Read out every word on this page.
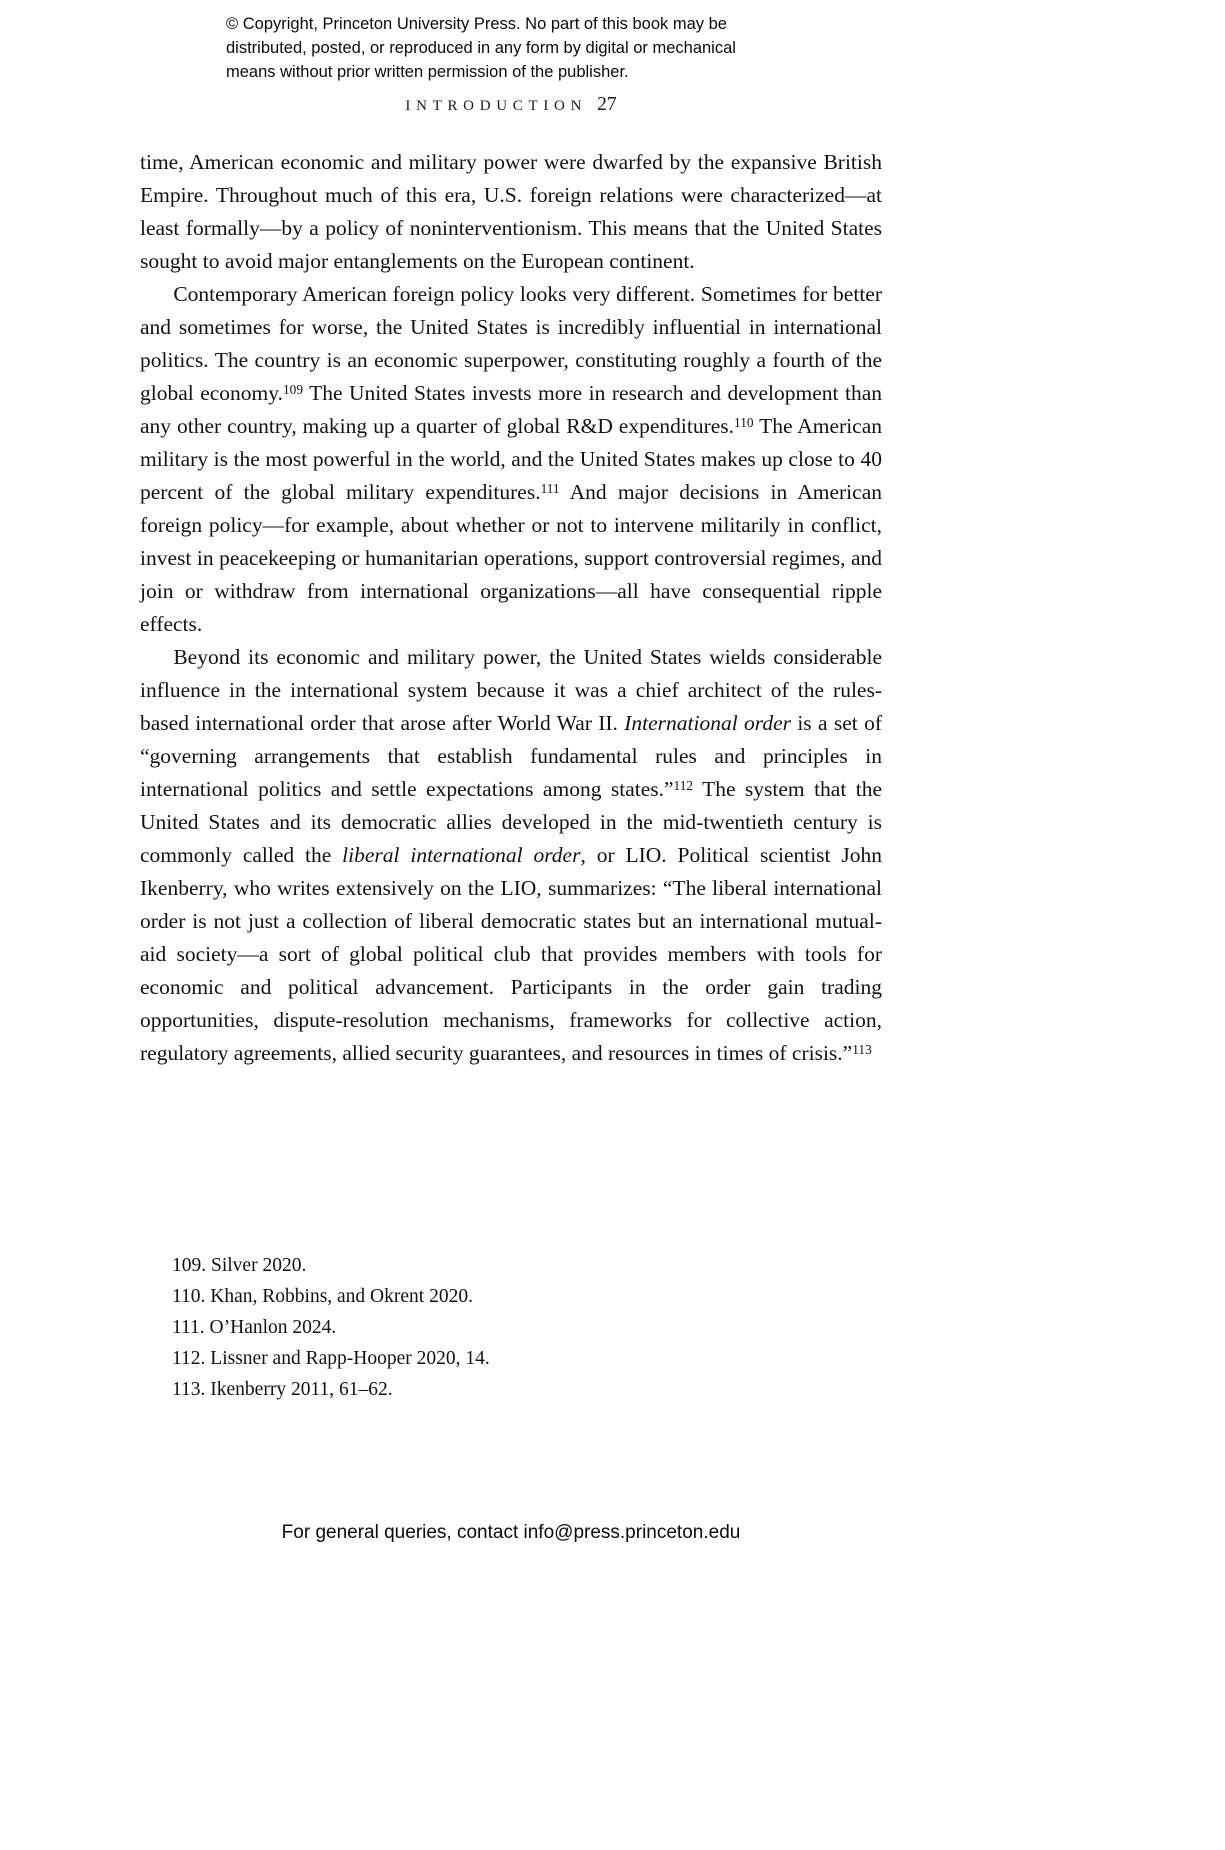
© Copyright, Princeton University Press. No part of this book may be
distributed, posted, or reproduced in any form by digital or mechanical
means without prior written permission of the publisher.
INTRODUCTION 27

time, American economic and military power were dwarfed by the expansive British Empire. Throughout much of this era, U.S. foreign relations were characterized—at least formally—by a policy of noninterventionism. This means that the United States sought to avoid major entanglements on the European continent.

Contemporary American foreign policy looks very different. Sometimes for better and sometimes for worse, the United States is incredibly influential in international politics. The country is an economic superpower, constituting roughly a fourth of the global economy.$^{109}$ The United States invests more in research and development than any other country, making up a quarter of global R&D expenditures.$^{110}$ The American military is the most powerful in the world, and the United States makes up close to 40 percent of the global military expenditures.$^{111}$ And major decisions in American foreign policy—for example, about whether or not to intervene militarily in conflict, invest in peacekeeping or humanitarian operations, support controversial regimes, and join or withdraw from international organizations—all have consequential ripple effects.

Beyond its economic and military power, the United States wields considerable influence in the international system because it was a chief architect of the rules-based international order that arose after World War II. International order is a set of “governing arrangements that establish fundamental rules and principles in international politics and settle expectations among states.”$^{112}$ The system that the United States and its democratic allies developed in the mid-twentieth century is commonly called the liberal international order, or LIO. Political scientist John Ikenberry, who writes extensively on the LIO, summarizes: “The liberal international order is not just a collection of liberal democratic states but an international mutual-aid society—a sort of global political club that provides members with tools for economic and political advancement. Participants in the order gain trading opportunities, dispute-resolution mechanisms, frameworks for collective action, regulatory agreements, allied security guarantees, and resources in times of crisis.”$^{113}$

109. Silver 2020.
110. Khan, Robbins, and Okrent 2020.
111. O’Hanlon 2024.
112. Lissner and Rapp-Hooper 2020, 14.
113. Ikenberry 2011, 61–62.
For general queries, contact info@press.princeton.edu
